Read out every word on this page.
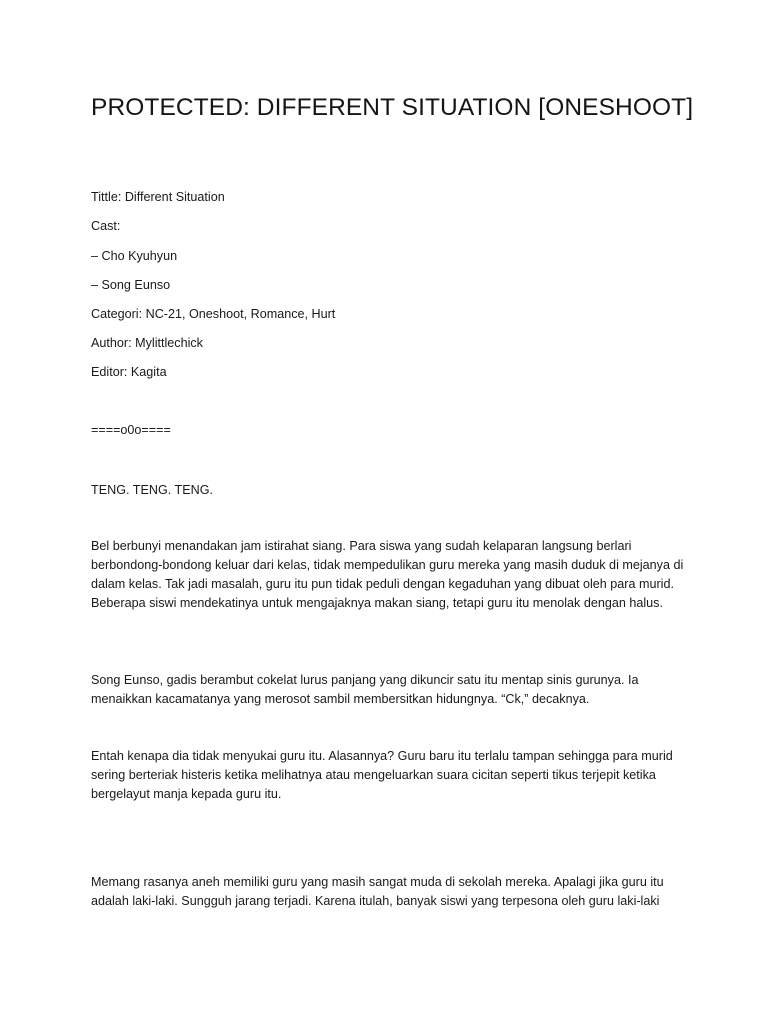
PROTECTED: DIFFERENT SITUATION [ONESHOOT]

Tittle: Different Situation

Cast:

– Cho Kyuhyun

– Song Eunso

Categori: NC-21, Oneshoot, Romance, Hurt

Author: Mylittlechick

Editor: Kagita

====o0o====

TENG. TENG. TENG.

Bel berbunyi menandakan jam istirahat siang. Para siswa yang sudah kelaparan langsung berlari berbondong-bondong keluar dari kelas, tidak mempedulikan guru mereka yang masih duduk di mejanya di dalam kelas. Tak jadi masalah, guru itu pun tidak peduli dengan kegaduhan yang dibuat oleh para murid. Beberapa siswi mendekatinya untuk mengajaknya makan siang, tetapi guru itu menolak dengan halus.

Song Eunso, gadis berambut cokelat lurus panjang yang dikuncir satu itu mentap sinis gurunya. Ia menaikkan kacamatanya yang merosot sambil membersitkan hidungnya. “Ck,” decaknya.

Entah kenapa dia tidak menyukai guru itu. Alasannya? Guru baru itu terlalu tampan sehingga para murid sering berteriak histeris ketika melihatnya atau mengeluarkan suara cicitan seperti tikus terjepit ketika bergelayut manja kepada guru itu.

Memang rasanya aneh memiliki guru yang masih sangat muda di sekolah mereka. Apalagi jika guru itu adalah laki-laki. Sungguh jarang terjadi. Karena itulah, banyak siswi yang terpesona oleh guru laki-laki
